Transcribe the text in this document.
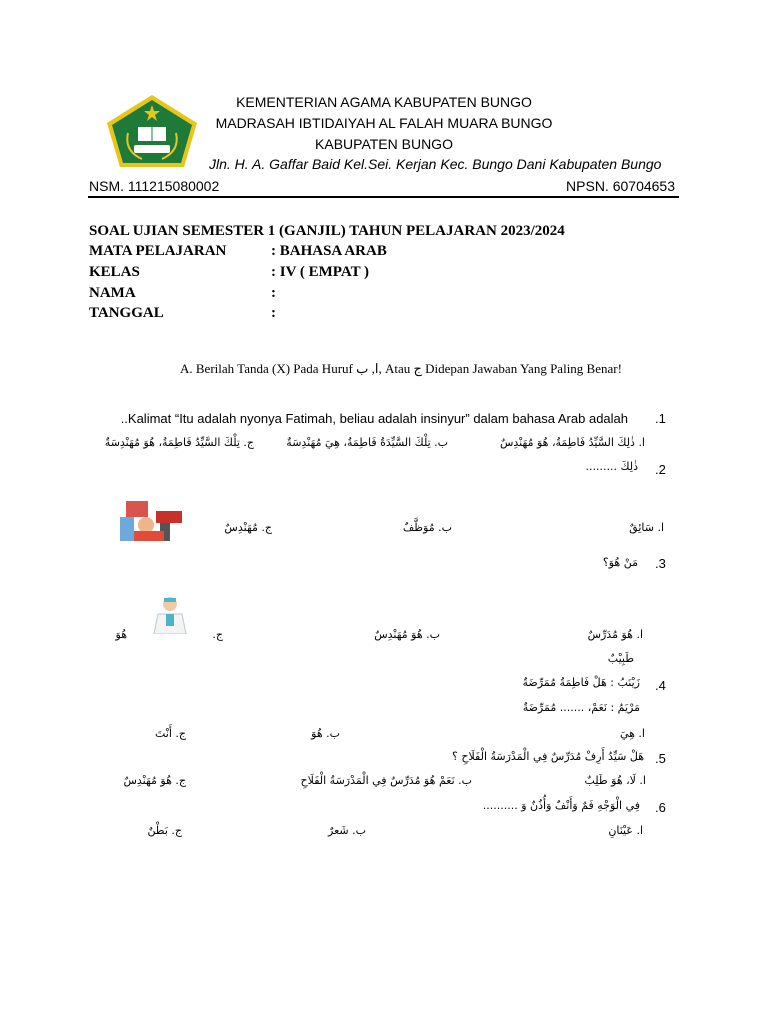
KEMENTERIAN AGAMA KABUPATEN BUNGO
MADRASAH IBTIDAIYAH AL FALAH MUARA BUNGO
KABUPATEN BUNGO
Jln. H. A. Gaffar Baid Kel.Sei. Kerjan Kec. Bungo Dani Kabupaten Bungo
NSM. 111215080002	NPSN. 60704653
SOAL UJIAN SEMESTER 1 (GANJIL) TAHUN PELAJARAN 2023/2024
MATA PELAJARAN	: BAHASA ARAB
KELAS	: IV ( EMPAT )
NAMA	:
TANGGAL	:
A. Berilah Tanda (X) Pada Huruf ا, ب, Atau ج Didepan Jawaban Yang Paling Benar!
.1
..Kalimat “Itu adalah nyonya Fatimah, beliau adalah insinyur” dalam bahasa Arab adalah
ا. ذٰلِكَ السَّيِّدُ فَاطِمَةُ، هُوَ مُهَنْدِسٌ
ب. تِلْكَ السَّيِّدَةُ فَاطِمَةُ، هِيَ مُهَنْدِسَةٌ
ج. تِلْكَ السَّيِّدُ فَاطِمَةُ، هُوَ مُهَنْدِسَةٌ
.2
ذٰلِكَ .........
ا. سَائِقٌ
ب. مُوَظَّفٌ
ج. مُهَنْدِسٌ
.3
مَنْ هُوَ؟
ا. هُوَ مُدَرِّسٌ
ب. هُوَ مُهَنْدِسٌ
ج.
هُوَ
طَبِيْبٌ
.4
زَيْنَبُ : هَلْ فَاطِمَةُ مُمَرِّضَةٌ
مَرْيَمُ : نَعَمْ، ....... مُمَرِّضَةٌ
ا. هِيَ
ب. هُوَ
ج. أَنْتَ
.5
هَلْ سَيِّدُ أَرِفْ مُدَرِّسٌ فِي الْمَدْرَسَةُ الْفَلَاحِ ؟
ا. لَا، هُوَ طَلِبٌ
ب. نَعَمْ هُوَ مُدَرِّسٌ فِي الْمَدْرَسَةُ الْفَلَاحِ
ج. هُوَ مُهَنْدِسٌ
.6
فِي الْوَجْهِ فَمٌ وَأَنْفٌ وَأُذُنٌ وَ ..........
ا. عَيْنَانِ
ب. شَعرٌ
ج. بَطْنٌ
